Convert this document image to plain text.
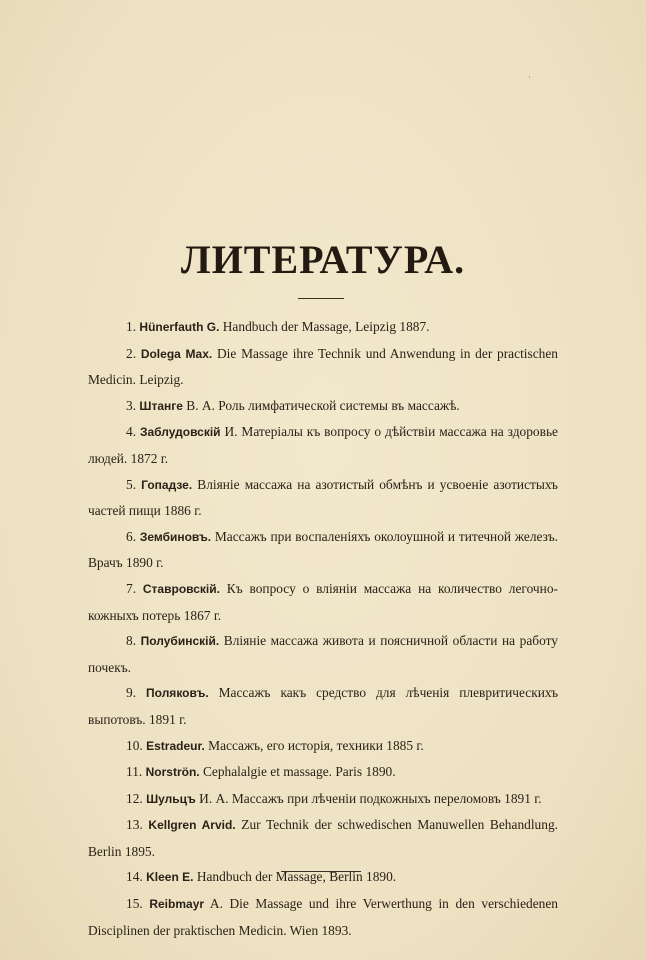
·
ЛИТЕРАТУРА.

1. Hünerfauth G. Handbuch der Massage, Leipzig 1887.

2. Dolega Max. Die Massage ihre Technik und Anwendung in der practischen Medicin. Leipzig.

3. Штанге В. А. Роль лимфатической системы въ массажѣ.

4. Заблудовскій И. Матеріалы къ вопросу о дѣйствіи массажа на здоровье людей. 1872 г.

5. Гопадзе. Вліяніе массажа на азотистый обмѣнъ и усвоеніе азотистыхъ частей пищи 1886 г.

6. Зембиновъ. Массажъ при воспаленіяхъ околоушной и титечной железъ. Врачъ 1890 г.

7. Ставровскій. Къ вопросу о вліяніи массажа на количество легочно-кожныхъ потерь 1867 г.

8. Полубинскій. Вліяніе массажа живота и поясничной области на работу почекъ.

9. Поляковъ. Массажъ какъ средство для лѣченія плевритическихъ выпотовъ. 1891 г.

10. Estradeur. Массажъ, его исторія, техники 1885 г.

11. Norströn. Cephalalgie et massage. Paris 1890.

12. Шульцъ И. А. Массажъ при лѣченіи подкожныхъ переломовъ 1891 г.

13. Kellgren Arvid. Zur Technik der schwedischen Manuwellen Behandlung. Berlin 1895.

14. Kleen E. Handbuch der Massage, Berlin 1890.

15. Reibmayr A. Die Massage und ihre Verwerthung in den verschiedenen Disciplinen der praktischen Medicin. Wien 1893.
